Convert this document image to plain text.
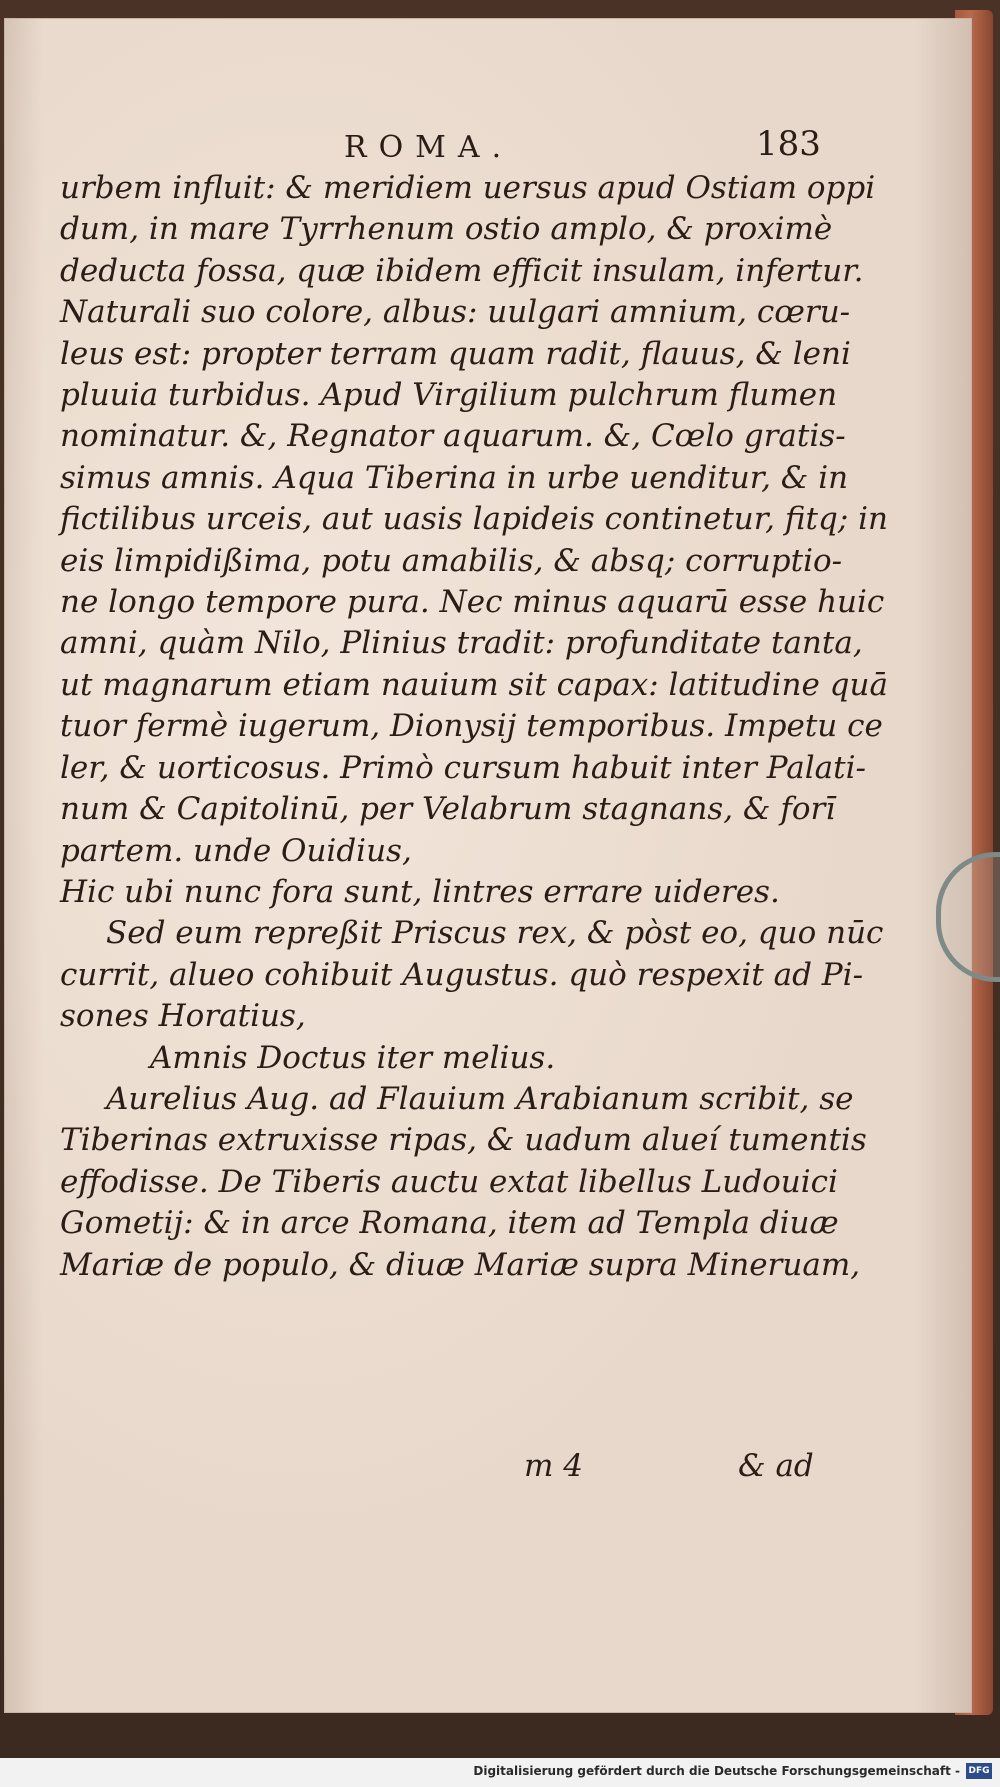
ROMA.	183
urbem influit: & meridiem uersus apud Ostiam oppi
dum, in mare Tyrrhenum ostio amplo, & proximè
deducta fossa, quæ ibidem efficit insulam, infertur.
Naturali suo colore, albus: uulgari amnium, cœru-
leus est: propter terram quam radit, flauus, & leni
pluuia turbidus. Apud Virgilium pulchrum flumen
nominatur. &, Regnator aquarum. &, Cœlo gratis-
simus amnis. Aqua Tiberina in urbe uenditur, & in
fictilibus urceis, aut uasis lapideis continetur, fitq; in
eis limpidißima, potu amabilis, & absq; corruptio-
ne longo tempore pura. Nec minus aquarū esse huic
amni, quàm Nilo, Plinius tradit: profunditate tanta,
ut magnarum etiam nauium sit capax: latitudine quā
tuor fermè iugerum, Dionysij temporibus. Impetu ce
ler, & uorticosus. Primò cursum habuit inter Palati-
num & Capitolinū, per Velabrum stagnans, & forī
partem. unde Ouidius,
Hic ubi nunc fora sunt, lintres errare uideres.
Sed eum repreßit Priscus rex, & pòst eo, quo nūc
currit, alueo cohibuit Augustus. quò respexit ad Pi-
sones Horatius,
Amnis Doctus iter melius.
Aurelius Aug. ad Flauium Arabianum scribit, se
Tiberinas extruxisse ripas, & uadum alueí tumentis
effodisse. De Tiberis auctu extat libellus Ludouici
Gometij: & in arce Romana, item ad Templa diuæ
Mariæ de populo, & diuæ Mariæ supra Mineruam,
m 4	& ad
Digitalisierung gefördert durch die Deutsche Forschungsgemeinschaft - DFG
